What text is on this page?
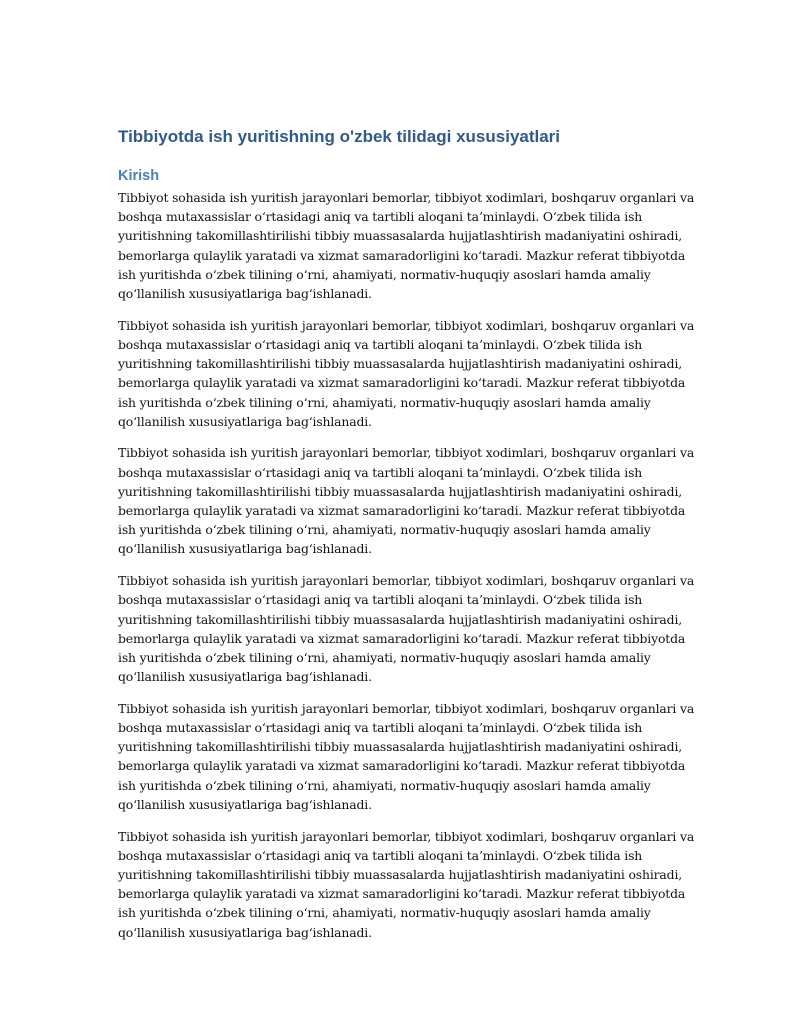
Tibbiyotda ish yuritishning o'zbek tilidagi xususiyatlari
Kirish

Tibbiyot sohasida ish yuritish jarayonlari bemorlar, tibbiyot xodimlari, boshqaruv organlari va
boshqa mutaxassislar oʻrtasidagi aniq va tartibli aloqani taʼminlaydi. Oʻzbek tilida ish
yuritishning takomillashtirilishi tibbiy muassasalarda hujjatlashtirish madaniyatini oshiradi,
bemorlarga qulaylik yaratadi va xizmat samaradorligini koʻtaradi. Mazkur referat tibbiyotda
ish yuritishda oʻzbek tilining oʻrni, ahamiyati, normativ-huquqiy asoslari hamda amaliy
qoʻllanilish xususiyatlariga bagʻishlanadi.

Tibbiyot sohasida ish yuritish jarayonlari bemorlar, tibbiyot xodimlari, boshqaruv organlari va
boshqa mutaxassislar oʻrtasidagi aniq va tartibli aloqani taʼminlaydi. Oʻzbek tilida ish
yuritishning takomillashtirilishi tibbiy muassasalarda hujjatlashtirish madaniyatini oshiradi,
bemorlarga qulaylik yaratadi va xizmat samaradorligini koʻtaradi. Mazkur referat tibbiyotda
ish yuritishda oʻzbek tilining oʻrni, ahamiyati, normativ-huquqiy asoslari hamda amaliy
qoʻllanilish xususiyatlariga bagʻishlanadi.

Tibbiyot sohasida ish yuritish jarayonlari bemorlar, tibbiyot xodimlari, boshqaruv organlari va
boshqa mutaxassislar oʻrtasidagi aniq va tartibli aloqani taʼminlaydi. Oʻzbek tilida ish
yuritishning takomillashtirilishi tibbiy muassasalarda hujjatlashtirish madaniyatini oshiradi,
bemorlarga qulaylik yaratadi va xizmat samaradorligini koʻtaradi. Mazkur referat tibbiyotda
ish yuritishda oʻzbek tilining oʻrni, ahamiyati, normativ-huquqiy asoslari hamda amaliy
qoʻllanilish xususiyatlariga bagʻishlanadi.

Tibbiyot sohasida ish yuritish jarayonlari bemorlar, tibbiyot xodimlari, boshqaruv organlari va
boshqa mutaxassislar oʻrtasidagi aniq va tartibli aloqani taʼminlaydi. Oʻzbek tilida ish
yuritishning takomillashtirilishi tibbiy muassasalarda hujjatlashtirish madaniyatini oshiradi,
bemorlarga qulaylik yaratadi va xizmat samaradorligini koʻtaradi. Mazkur referat tibbiyotda
ish yuritishda oʻzbek tilining oʻrni, ahamiyati, normativ-huquqiy asoslari hamda amaliy
qoʻllanilish xususiyatlariga bagʻishlanadi.

Tibbiyot sohasida ish yuritish jarayonlari bemorlar, tibbiyot xodimlari, boshqaruv organlari va
boshqa mutaxassislar oʻrtasidagi aniq va tartibli aloqani taʼminlaydi. Oʻzbek tilida ish
yuritishning takomillashtirilishi tibbiy muassasalarda hujjatlashtirish madaniyatini oshiradi,
bemorlarga qulaylik yaratadi va xizmat samaradorligini koʻtaradi. Mazkur referat tibbiyotda
ish yuritishda oʻzbek tilining oʻrni, ahamiyati, normativ-huquqiy asoslari hamda amaliy
qoʻllanilish xususiyatlariga bagʻishlanadi.

Tibbiyot sohasida ish yuritish jarayonlari bemorlar, tibbiyot xodimlari, boshqaruv organlari va
boshqa mutaxassislar oʻrtasidagi aniq va tartibli aloqani taʼminlaydi. Oʻzbek tilida ish
yuritishning takomillashtirilishi tibbiy muassasalarda hujjatlashtirish madaniyatini oshiradi,
bemorlarga qulaylik yaratadi va xizmat samaradorligini koʻtaradi. Mazkur referat tibbiyotda
ish yuritishda oʻzbek tilining oʻrni, ahamiyati, normativ-huquqiy asoslari hamda amaliy
qoʻllanilish xususiyatlariga bagʻishlanadi.
